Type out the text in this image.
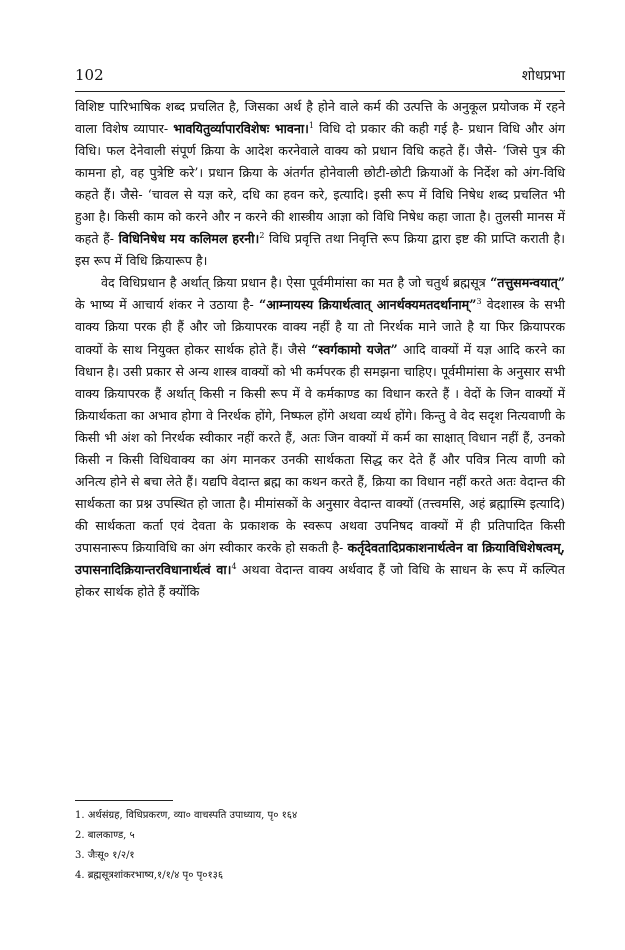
102	शोधप्रभा

विशिष्ट पारिभाषिक शब्द प्रचलित है, जिसका अर्थ है होने वाले कर्म की उत्पत्ति के अनुकूल प्रयोजक में रहने वाला विशेष व्यापार- भावयितुर्व्यापारविशेषः भावना।$^1$ विधि दो प्रकार की कही गई है- प्रधान विधि और अंग विधि। फल देनेवाली संपूर्ण क्रिया के आदेश करनेवाले वाक्य को प्रधान विधि कहते हैं। जैसे- ‘जिसे पुत्र की कामना हो, वह पुत्रेष्टि करे’। प्रधान क्रिया के अंतर्गत होनेवाली छोटी-छोटी क्रियाओं के निर्देश को अंग-विधि कहते हैं। जैसे- ‘चावल से यज्ञ करे, दधि का हवन करे, इत्यादि। इसी रूप में विधि निषेध शब्द प्रचलित भी हुआ है। किसी काम को करने और न करने की शास्त्रीय आज्ञा को विधि निषेध कहा जाता है। तुलसी मानस में कहते हैं- विधिनिषेध मय कलिमल हरनी।$^2$ विधि प्रवृत्ति तथा निवृत्ति रूप क्रिया द्वारा इष्ट की प्राप्ति कराती है। इस रूप में विधि क्रियारूप है।

वेद विधिप्रधान है अर्थात् क्रिया प्रधान है। ऐसा पूर्वमीमांसा का मत है जो चतुर्थ ब्रह्मसूत्र “तत्तुसमन्वयात्” के भाष्य में आचार्य शंकर ने उठाया है- “आम्नायस्य क्रियार्थत्वात् आनर्थक्यमतदर्थानाम्”$^3$ वेदशास्त्र के सभी वाक्य क्रिया परक ही हैं और जो क्रियापरक वाक्य नहीं है या तो निरर्थक माने जाते है या फिर क्रियापरक वाक्यों के साथ नियुक्त होकर सार्थक होते हैं। जैसे “स्वर्गकामो यजेत” आदि वाक्यों में यज्ञ आदि करने का विधान है। उसी प्रकार से अन्य शास्त्र वाक्यों को भी कर्मपरक ही समझना चाहिए। पूर्वमीमांसा के अनुसार सभी वाक्य क्रियापरक हैं अर्थात् किसी न किसी रूप में वे कर्मकाण्ड का विधान करते हैं । वेदों के जिन वाक्यों में क्रियार्थकता का अभाव होगा वे निरर्थक होंगे, निष्फल होंगे अथवा व्यर्थ होंगे। किन्तु वे वेद सदृश नित्यवाणी के किसी भी अंश को निरर्थक स्वीकार नहीं करते हैं, अतः जिन वाक्यों में कर्म का साक्षात् विधान नहीं हैं, उनको किसी न किसी विधिवाक्य का अंग मानकर उनकी सार्थकता सिद्ध कर देते हैं और पवित्र नित्य वाणी को अनित्य होने से बचा लेते हैं। यद्यपि वेदान्त ब्रह्म का कथन करते हैं, क्रिया का विधान नहीं करते अतः वेदान्त की सार्थकता का प्रश्न उपस्थित हो जाता है। मीमांसकों के अनुसार वेदान्त वाक्यों (तत्त्वमसि, अहं ब्रह्मास्मि इत्यादि) की सार्थकता कर्ता एवं देवता के प्रकाशक के स्वरूप अथवा उपनिषद वाक्यों में ही प्रतिपादित किसी उपासनारूप क्रियाविधि का अंग स्वीकार करके हो सकती है- कर्तृदेवतादिप्रकाशनार्थत्वेन वा क्रियाविधिशेषत्वम्, उपासनादिक्रियान्तरविधानार्थत्वं वा।$^4$ अथवा वेदान्त वाक्य अर्थवाद हैं जो विधि के साधन के रूप में कल्पित होकर सार्थक होते हैं क्योंकि

1. अर्थसंग्रह, विधिप्रकरण, व्या० वाचस्पति उपाध्याय, पृ० १६४
2. बालकाण्ड, ५
3. जैःसू० १/२/१
4. ब्रह्मसूत्रशांकरभाष्य,१/१/४ पृ० पृ०१३६
